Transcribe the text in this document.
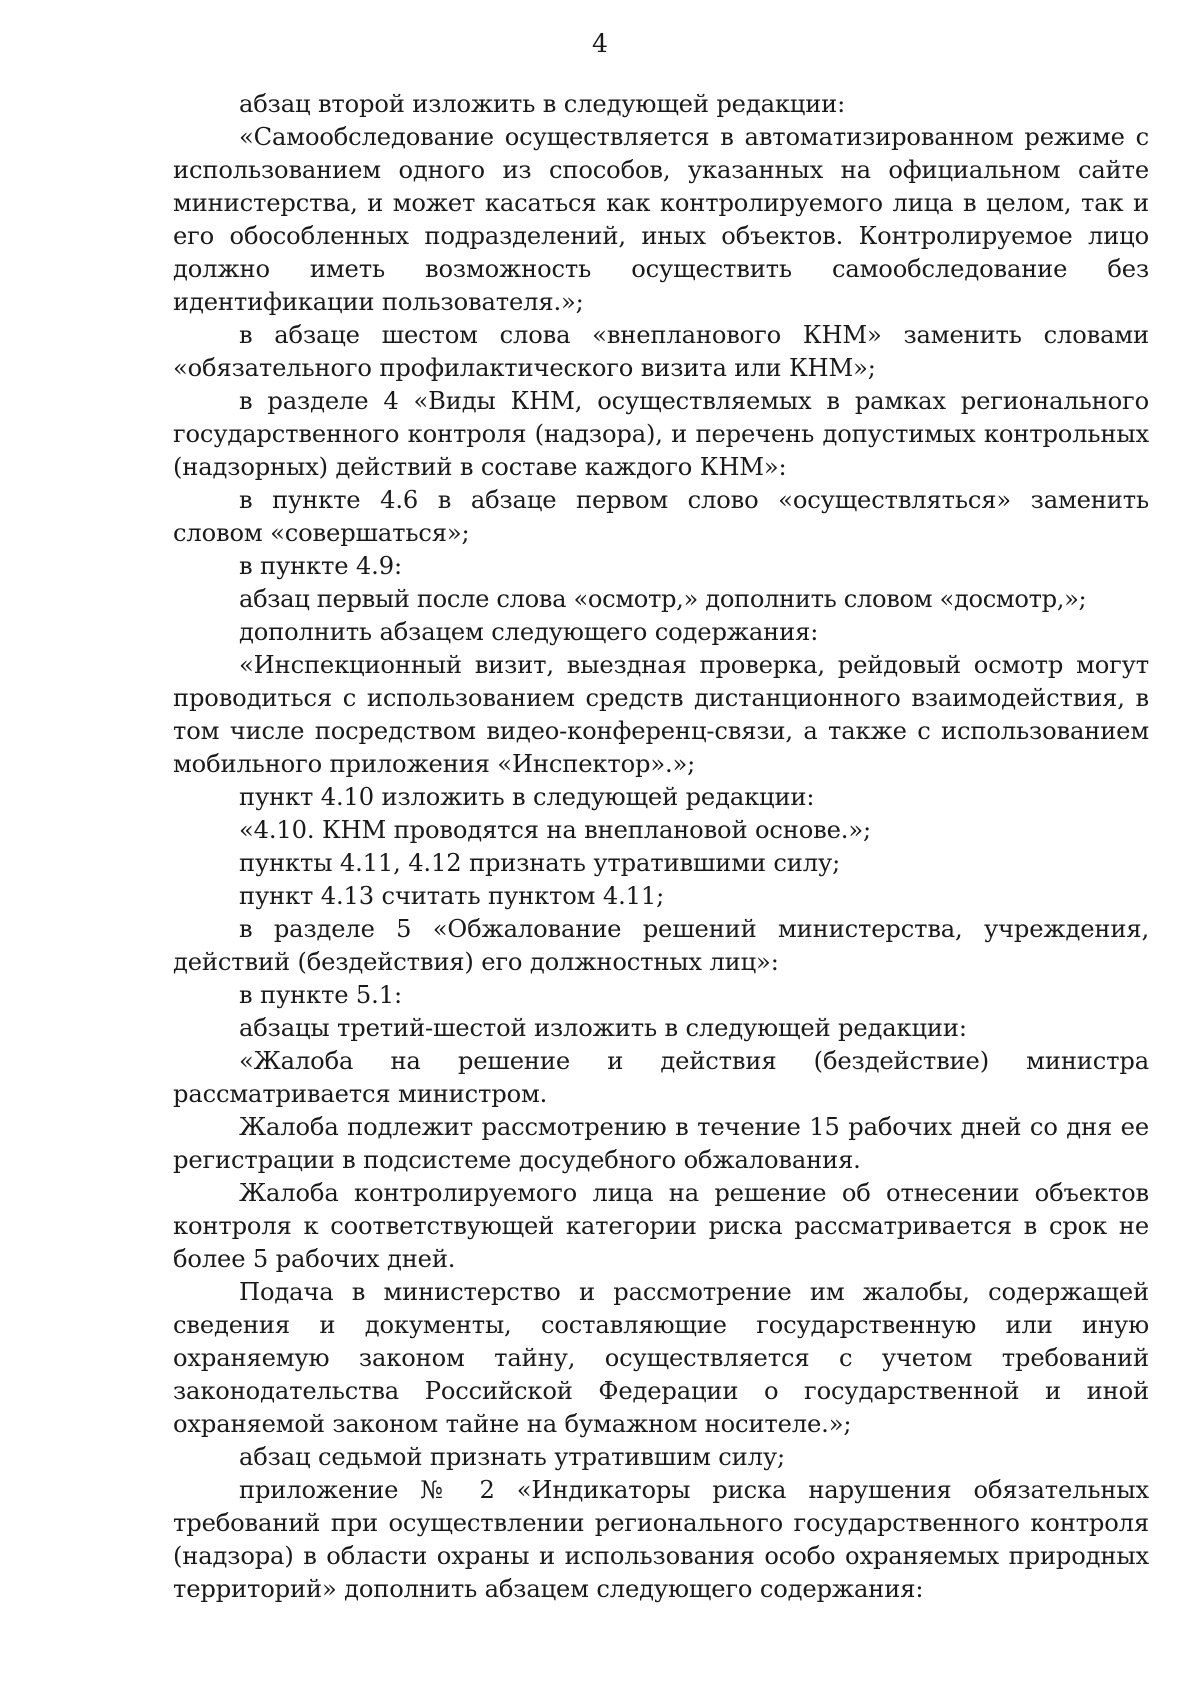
4

абзац второй изложить в следующей редакции:

«Самообследование осуществляется в автоматизированном режиме с использованием одного из способов, указанных на официальном сайте министерства, и может касаться как контролируемого лица в целом, так и его обособленных подразделений, иных объектов. Контролируемое лицо должно иметь возможность осуществить самообследование без идентификации пользователя.»;

в абзаце шестом слова «внепланового КНМ» заменить словами «обязательного профилактического визита или КНМ»;

в разделе 4 «Виды КНМ, осуществляемых в рамках регионального государственного контроля (надзора), и перечень допустимых контрольных (надзорных) действий в составе каждого КНМ»:

в пункте 4.6 в абзаце первом слово «осуществляться» заменить словом «совершаться»;

в пункте 4.9:

абзац первый после слова «осмотр,» дополнить словом «досмотр,»;

дополнить абзацем следующего содержания:

«Инспекционный визит, выездная проверка, рейдовый осмотр могут проводиться с использованием средств дистанционного взаимодействия, в том числе посредством видео-конференц-связи, а также с использованием мобильного приложения «Инспектор».»;

пункт 4.10 изложить в следующей редакции:

«4.10. КНМ проводятся на внеплановой основе.»;

пункты 4.11, 4.12 признать утратившими силу;

пункт 4.13 считать пунктом 4.11;

в разделе 5 «Обжалование решений министерства, учреждения, действий (бездействия) его должностных лиц»:

в пункте 5.1:

абзацы третий-шестой изложить в следующей редакции:

«Жалоба на решение и действия (бездействие) министра рассматривается министром.

Жалоба подлежит рассмотрению в течение 15 рабочих дней со дня ее регистрации в подсистеме досудебного обжалования.

Жалоба контролируемого лица на решение об отнесении объектов контроля к соответствующей категории риска рассматривается в срок не более 5 рабочих дней.

Подача в министерство и рассмотрение им жалобы, содержащей сведения и документы, составляющие государственную или иную охраняемую законом тайну, осуществляется с учетом требований законодательства Российской Федерации о государственной и иной охраняемой законом тайне на бумажном носителе.»;

абзац седьмой признать утратившим силу;

приложение № 2 «Индикаторы риска нарушения обязательных требований при осуществлении регионального государственного контроля (надзора) в области охраны и использования особо охраняемых природных территорий» дополнить абзацем следующего содержания:
